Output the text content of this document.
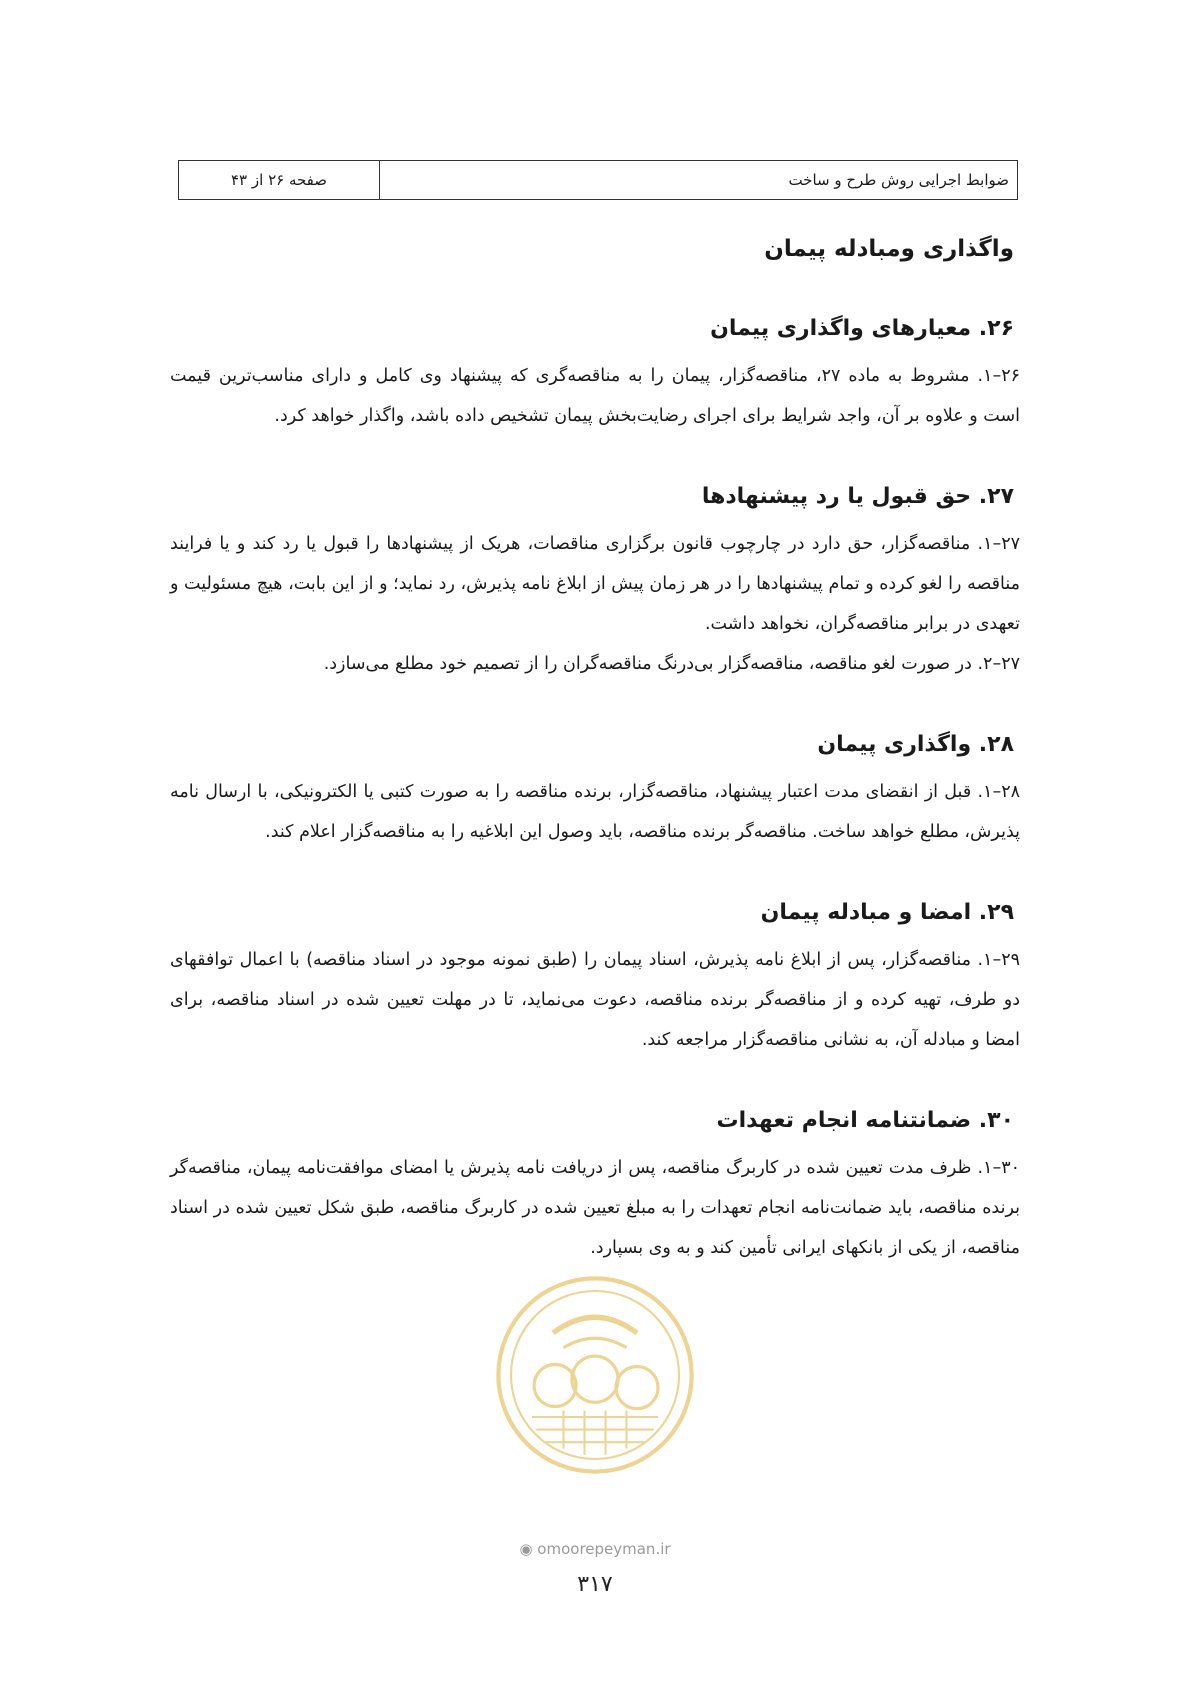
ضوابط اجرایی روش طرح و ساخت
صفحه ۲۶ از ۴۳
واگذاری ومبادله پیمان
۲۶. معیارهای واگذاری پیمان

۲۶–۱. مشروط به ماده ۲۷، مناقصه‌گزار، پیمان را به مناقصه‌گری که پیشنهاد وی کامل و دارای مناسب‌ترین قیمت است و علاوه بر آن، واجد شرایط برای اجرای رضایت‌بخش پیمان تشخیص داده باشد، واگذار خواهد کرد.

۲۷. حق قبول یا رد پیشنهادها

۲۷–۱. مناقصه‌گزار، حق دارد در چارچوب قانون برگزاری مناقصات، هریک از پیشنهادها را قبول یا رد کند و یا فرایند مناقصه را لغو کرده و تمام پیشنهادها را در هر زمان پیش از ابلاغ نامه پذیرش، رد نماید؛ و از این بابت، هیچ مسئولیت و تعهدی در برابر مناقصه‌گران، نخواهد داشت.

۲۷–۲. در صورت لغو مناقصه، مناقصه‌گزار بی‌درنگ مناقصه‌گران را از تصمیم خود مطلع می‌سازد.

۲۸. واگذاری پیمان

۲۸–۱. قبل از انقضای مدت اعتبار پیشنهاد، مناقصه‌گزار، برنده مناقصه را به صورت کتبی یا الکترونیکی، با ارسال نامه پذیرش، مطلع خواهد ساخت. مناقصه‌گر برنده مناقصه، باید وصول این ابلاغیه را به مناقصه‌گزار اعلام کند.

۲۹. امضا و مبادله پیمان

۲۹–۱. مناقصه‌گزار، پس از ابلاغ نامه پذیرش، اسناد پیمان را (طبق نمونه موجود در اسناد مناقصه) با اعمال توافقهای دو طرف، تهیه کرده و از مناقصه‌گر برنده مناقصه، دعوت می‌نماید، تا در مهلت تعیین شده در اسناد مناقصه، برای امضا و مبادله آن، به نشانی مناقصه‌گزار مراجعه کند.

۳۰. ضمانتنامه انجام تعهدات

۳۰–۱. ظرف مدت تعیین شده در کاربرگ مناقصه، پس از دریافت نامه پذیرش یا امضای موافقت‌نامه پیمان، مناقصه‌گر برنده مناقصه، باید ضمانت‌نامه انجام تعهدات را به مبلغ تعیین شده در کاربرگ مناقصه، طبق شکل تعیین شده در اسناد مناقصه، از یکی از بانکهای ایرانی تأمین کند و به وی بسپارد.

◉ omoorepeyman.ir
۳۱۷
